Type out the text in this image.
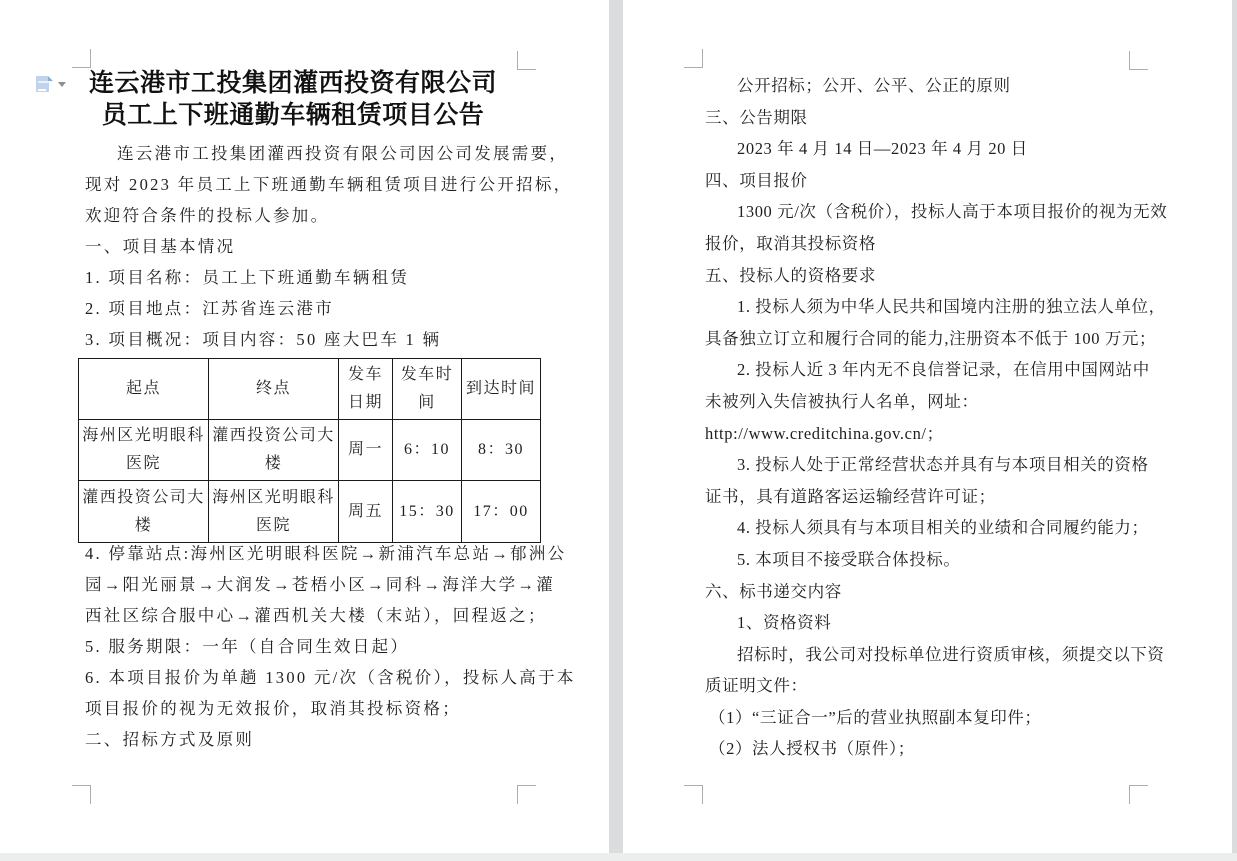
连云港市工投集团灌西投资有限公司
员工上下班通勤车辆租赁项目公告
连云港市工投集团灌西投资有限公司因公司发展需要，
现对 2023 年员工上下班通勤车辆租赁项目进行公开招标，
欢迎符合条件的投标人参加。
一、项目基本情况
1. 项目名称：员工上下班通勤车辆租赁
2. 项目地点：江苏省连云港市
3. 项目概况：项目内容：50 座大巴车 1 辆
起点	终点	发车日期	发车时间	到达时间
海州区光明眼科医院	灌西投资公司大楼	周一	6：10	8：30
灌西投资公司大楼	海州区光明眼科医院	周五	15：30	17：00
4. 停靠站点:海州区光明眼科医院→新浦汽车总站→郁洲公
园→阳光丽景→大润发→苍梧小区→同科→海洋大学→灌
西社区综合服中心→灌西机关大楼（末站），回程返之；
5. 服务期限：一年（自合同生效日起）
6. 本项目报价为单趟 1300 元/次（含税价），投标人高于本
项目报价的视为无效报价，取消其投标资格；
二、招标方式及原则
公开招标；公开、公平、公正的原则
三、公告期限
2023 年 4 月 14 日—2023 年 4 月 20 日
四、项目报价
1300 元/次（含税价），投标人高于本项目报价的视为无效
报价，取消其投标资格
五、投标人的资格要求
1. 投标人须为中华人民共和国境内注册的独立法人单位，
具备独立订立和履行合同的能力,注册资本不低于 100 万元；
2. 投标人近 3 年内无不良信誉记录，在信用中国网站中
未被列入失信被执行人名单，网址：
http://www.creditchina.gov.cn/；
3. 投标人处于正常经营状态并具有与本项目相关的资格
证书，具有道路客运运输经营许可证；
4. 投标人须具有与本项目相关的业绩和合同履约能力；
5. 本项目不接受联合体投标。
六、标书递交内容
1、资格资料
招标时，我公司对投标单位进行资质审核，须提交以下资
质证明文件：
（1）“三证合一”后的营业执照副本复印件；
（2）法人授权书（原件）；
